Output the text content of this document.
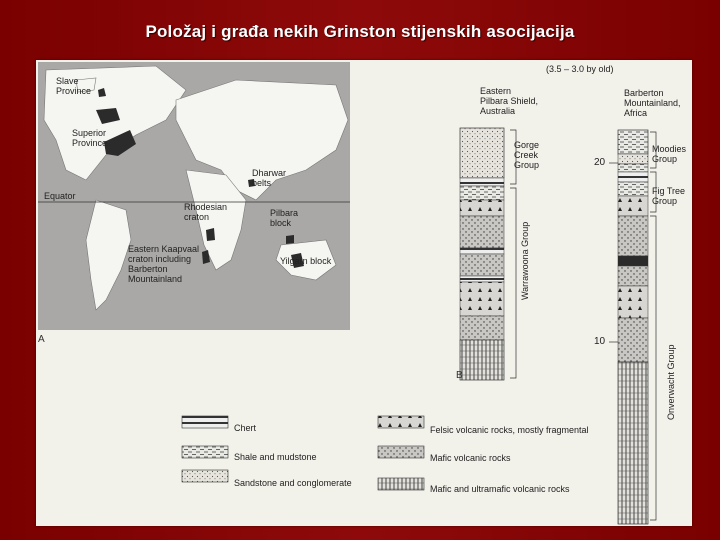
Položaj i građa nekih Grinston stijenskih asocijacija
Slave
Province
Superior
Province
Dharwar
belts
Equator
Rhodesian
craton	Pilbara
block
Eastern Kaapvaal
craton including
Barberton
Mountainland
Yilgarn block
A
(3.5 – 3.0 by old)
Eastern
Pilbara Shield,
Australia
Gorge
Creek
Group
Warrawoona Group
B
Barberton
Mountainland,
Africa
Moodies
Group
Fig Tree
Group
Onverwacht Group
20
10
Chert
Shale and mudstone
Sandstone and conglomerate
Felsic volcanic rocks, mostly fragmental
Mafic volcanic rocks
Mafic and ultramafic volcanic rocks
